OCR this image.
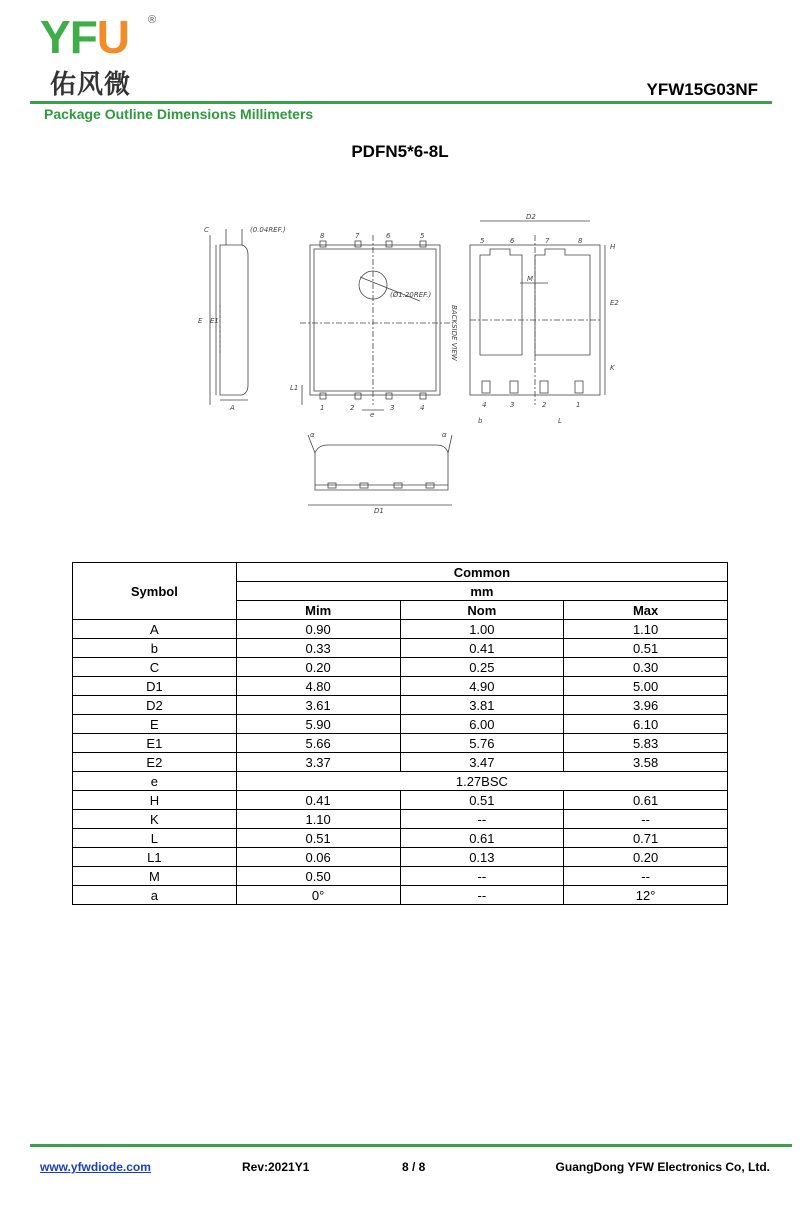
YFU ®
佑风微	YFW15G03NF
Package Outline Dimensions Millimeters
PDFN5*6-8L
C	(0.04REF.)
E E1
A
8	7	6	5
1	2	3	4
(Ø1.20REF.)
L1
e
BACKSIDE VIEW
D2
5	6	7	8
M
H
E2
K
4	3	2	1
b	L
α	α
D1
Symbol	Common		
	mm		
	Mim	Nom	Max
A	0.90	1.00	1.10
b	0.33	0.41	0.51
C	0.20	0.25	0.30
D1	4.80	4.90	5.00
D2	3.61	3.81	3.96
E	5.90	6.00	6.10
E1	5.66	5.76	5.83
E2	3.37	3.47	3.58
e	1.27BSC		
H	0.41	0.51	0.61
K	1.10	--	--
L	0.51	0.61	0.71
L1	0.06	0.13	0.20
M	0.50	--	--
a	0°	--	12°
www.yfwdiode.com	Rev:2021Y1	8 / 8	GuangDong YFW Electronics Co, Ltd.
